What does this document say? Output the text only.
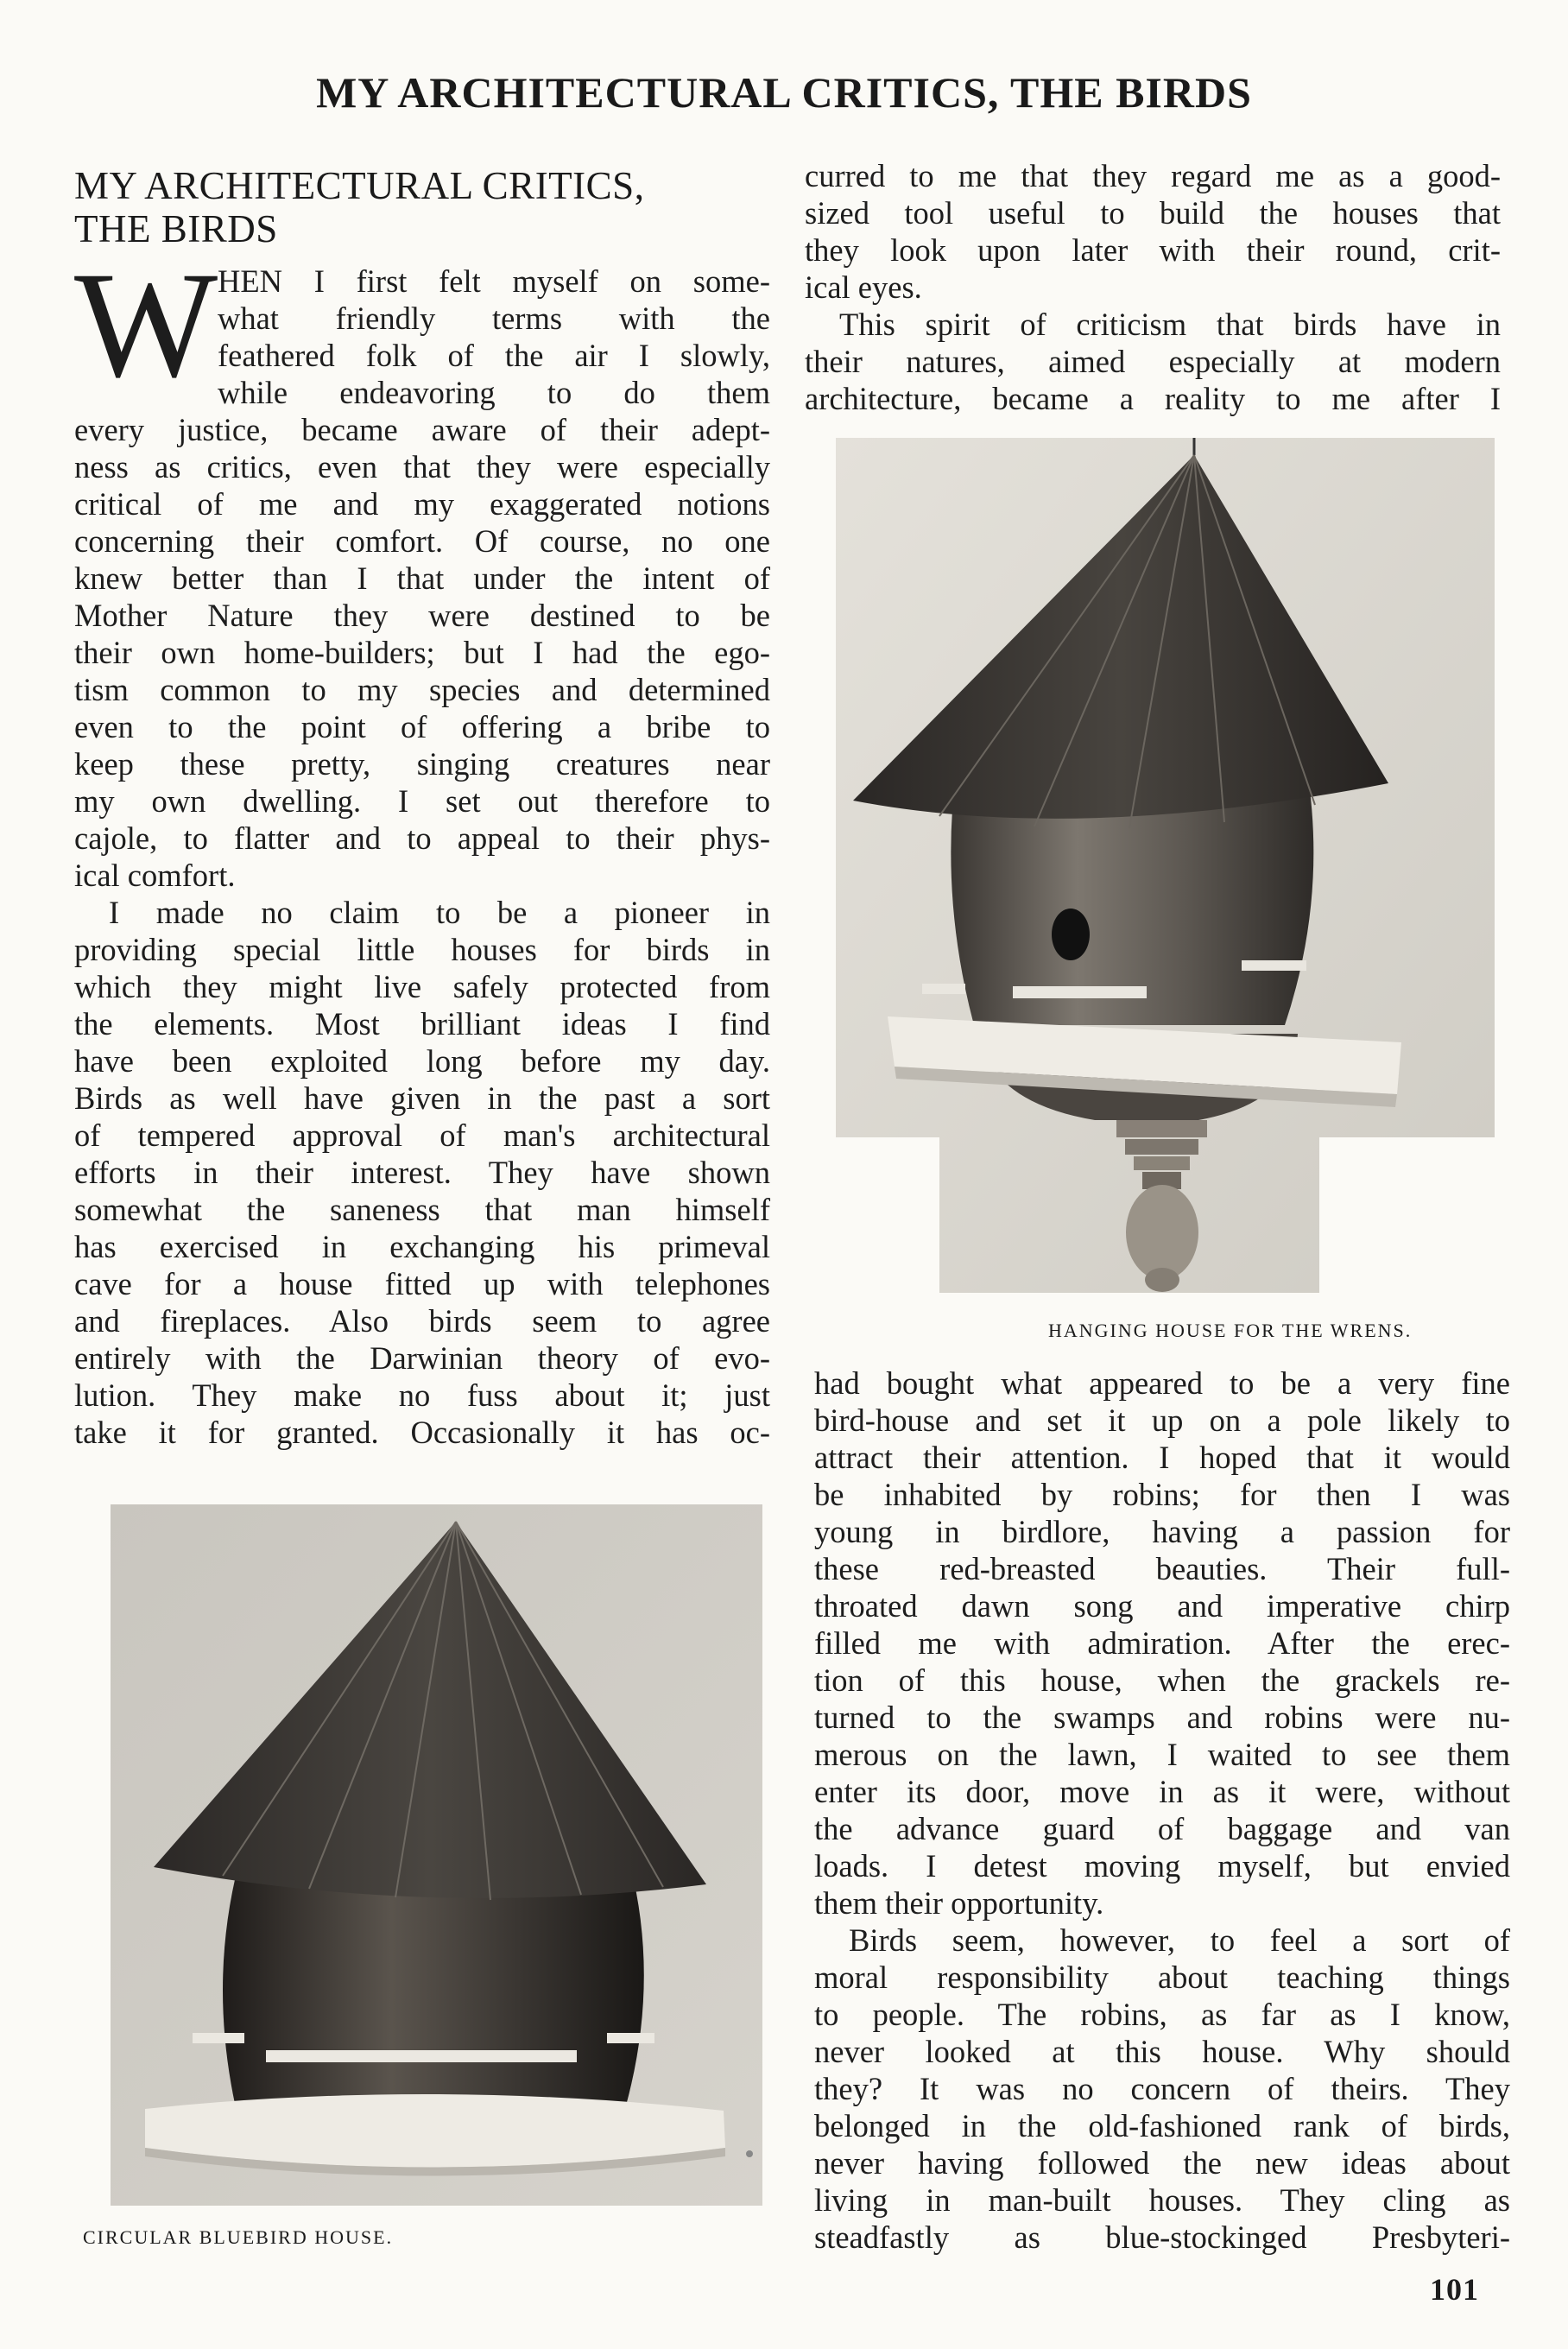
MY ARCHITECTURAL CRITICS, THE BIRDS
MY ARCHITECTURAL CRITICS,
THE BIRDS
W HEN I first felt myself on some-
what friendly terms with the
feathered folk of the air I slowly,
while endeavoring to do them
every justice, became aware of their adept-
ness as critics, even that they were especially
critical of me and my exaggerated notions
concerning their comfort. Of course, no one
knew better than I that under the intent of
Mother Nature they were destined to be
their own home-builders; but I had the ego-
tism common to my species and determined
even to the point of offering a bribe to
keep these pretty, singing creatures near
my own dwelling. I set out therefore to
cajole, to flatter and to appeal to their phys-
ical comfort.
I made no claim to be a pioneer in
providing special little houses for birds in
which they might live safely protected from
the elements. Most brilliant ideas I find
have been exploited long before my day.
Birds as well have given in the past a sort
of tempered approval of man's architectural
efforts in their interest. They have shown
somewhat the saneness that man himself
has exercised in exchanging his primeval
cave for a house fitted up with telephones
and fireplaces. Also birds seem to agree
entirely with the Darwinian theory of evo-
lution. They make no fuss about it; just
take it for granted. Occasionally it has oc-
curred to me that they regard me as a good-
sized tool useful to build the houses that
they look upon later with their round, crit-
ical eyes.
This spirit of criticism that birds have in
their natures, aimed especially at modern
architecture, became a reality to me after I
HANGING HOUSE FOR THE WRENS.
had bought what appeared to be a very fine
bird-house and set it up on a pole likely to
attract their attention. I hoped that it would
be inhabited by robins; for then I was
young in birdlore, having a passion for
these red-breasted beauties. Their full-
throated dawn song and imperative chirp
filled me with admiration. After the erec-
tion of this house, when the grackels re-
turned to the swamps and robins were nu-
merous on the lawn, I waited to see them
enter its door, move in as it were, without
the advance guard of baggage and van
loads. I detest moving myself, but envied
them their opportunity.
Birds seem, however, to feel a sort of
moral responsibility about teaching things
to people. The robins, as far as I know,
never looked at this house. Why should
they? It was no concern of theirs. They
belonged in the old-fashioned rank of birds,
never having followed the new ideas about
living in man-built houses. They cling as
steadfastly as blue-stockinged Presbyteri-
CIRCULAR BLUEBIRD HOUSE.
101
